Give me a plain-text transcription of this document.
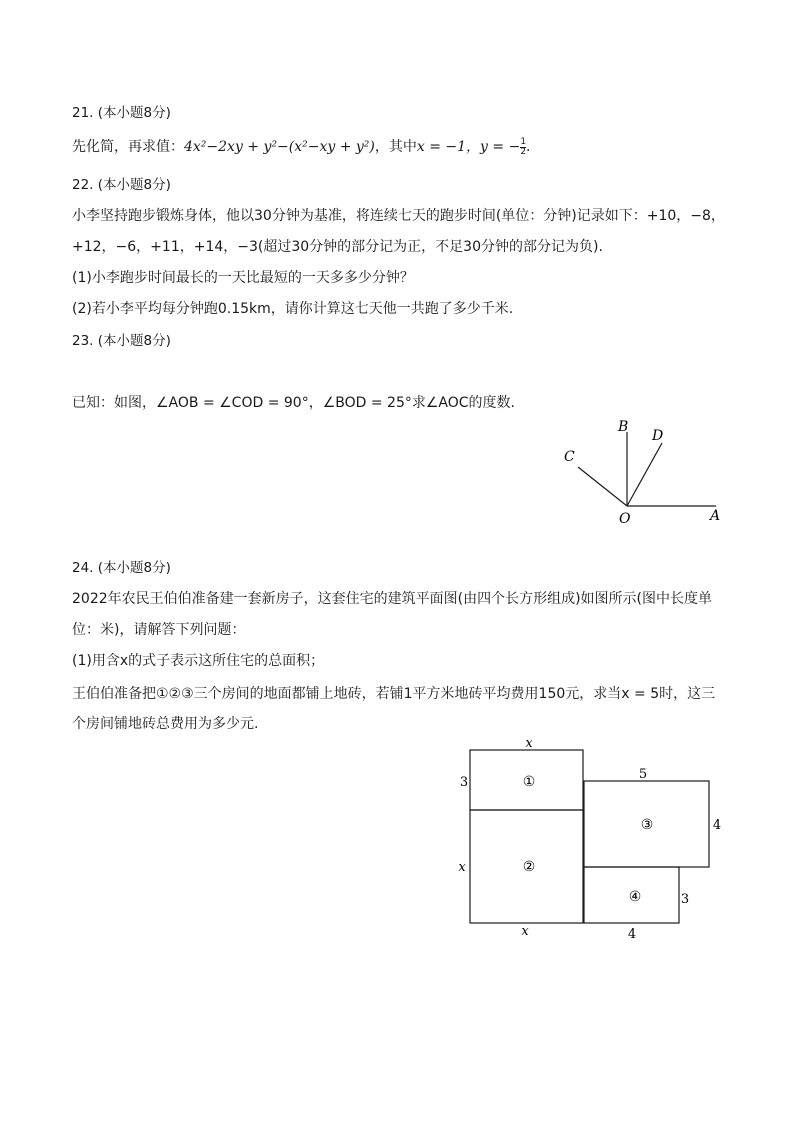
21. (本小题8分)
先化简，再求值：4x²−2xy + y²−(x²−xy + y²)，其中x = −1，y = − $\frac{1}{2}$ .
22. (本小题8分)
小李坚持跑步锻炼身体，他以30分钟为基准，将连续七天的跑步时间(单位：分钟)记录如下：+10，−8，
+12，−6，+11，+14，−3(超过30分钟的部分记为正，不足30分钟的部分记为负).
(1)小李跑步时间最长的一天比最短的一天多多少分钟？
(2)若小李平均每分钟跑0.15km，请你计算这七天他一共跑了多少千米.
23. (本小题8分)
已知：如图，∠AOB = ∠COD = 90°，∠BOD = 25°求∠AOC的度数.
B
D
C
O	A
24. (本小题8分)
2022年农民王伯伯准备建一套新房子，这套住宅的建筑平面图(由四个长方形组成)如图所示(图中长度单
位：米)，请解答下列问题：
(1)用含x的式子表示这所住宅的总面积；
王伯伯准备把①②③三个房间的地面都铺上地砖，若铺1平方米地砖平均费用150元，求当x = 5时，这三
个房间铺地砖总费用为多少元.
①
②
③
④
x
3
x
x
5
4
3
4
